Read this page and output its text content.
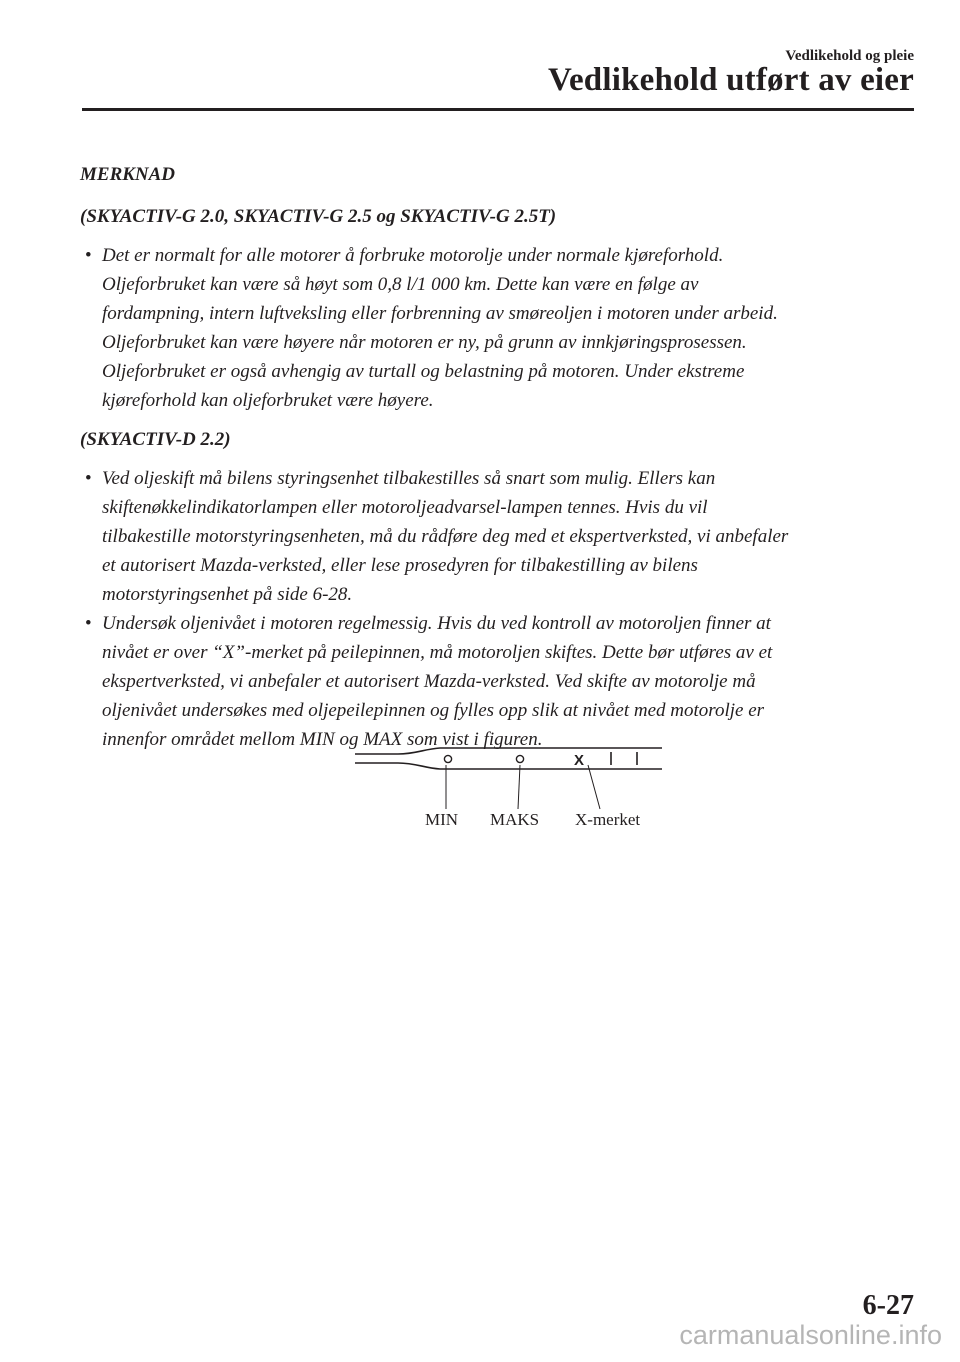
Vedlikehold og pleie
Vedlikehold utført av eier

MERKNAD

(SKYACTIV-G 2.0, SKYACTIV-G 2.5 og SKYACTIV-G 2.5T)

• Det er normalt for alle motorer å forbruke motorolje under normale kjøreforhold.
Oljeforbruket kan være så høyt som 0,8 l/1 000 km. Dette kan være en følge av
fordampning, intern luftveksling eller forbrenning av smøreoljen i motoren under arbeid.
Oljeforbruket kan være høyere når motoren er ny, på grunn av innkjøringsprosessen.
Oljeforbruket er også avhengig av turtall og belastning på motoren. Under ekstreme
kjøreforhold kan oljeforbruket være høyere.

(SKYACTIV-D 2.2)

• Ved oljeskift må bilens styringsenhet tilbakestilles så snart som mulig. Ellers kan
skiftenøkkelindikatorlampen eller motoroljeadvarsel-lampen tennes. Hvis du vil
tilbakestille motorstyringsenheten, må du rådføre deg med et ekspertverksted, vi anbefaler
et autorisert Mazda-verksted, eller lese prosedyren for tilbakestilling av bilens
motorstyringsenhet på side 6-28.
• Undersøk oljenivået i motoren regelmessig. Hvis du ved kontroll av motoroljen finner at
nivået er over “X”-merket på peilepinnen, må motoroljen skiftes. Dette bør utføres av et
ekspertverksted, vi anbefaler et autorisert Mazda-verksted. Ved skifte av motorolje må
oljenivået undersøkes med oljepeilepinnen og fylles opp slik at nivået med motorolje er
innenfor området mellom MIN og MAX som vist i figuren.
X
MIN MAKS X-merket
6-27
carmanualsonline.info
